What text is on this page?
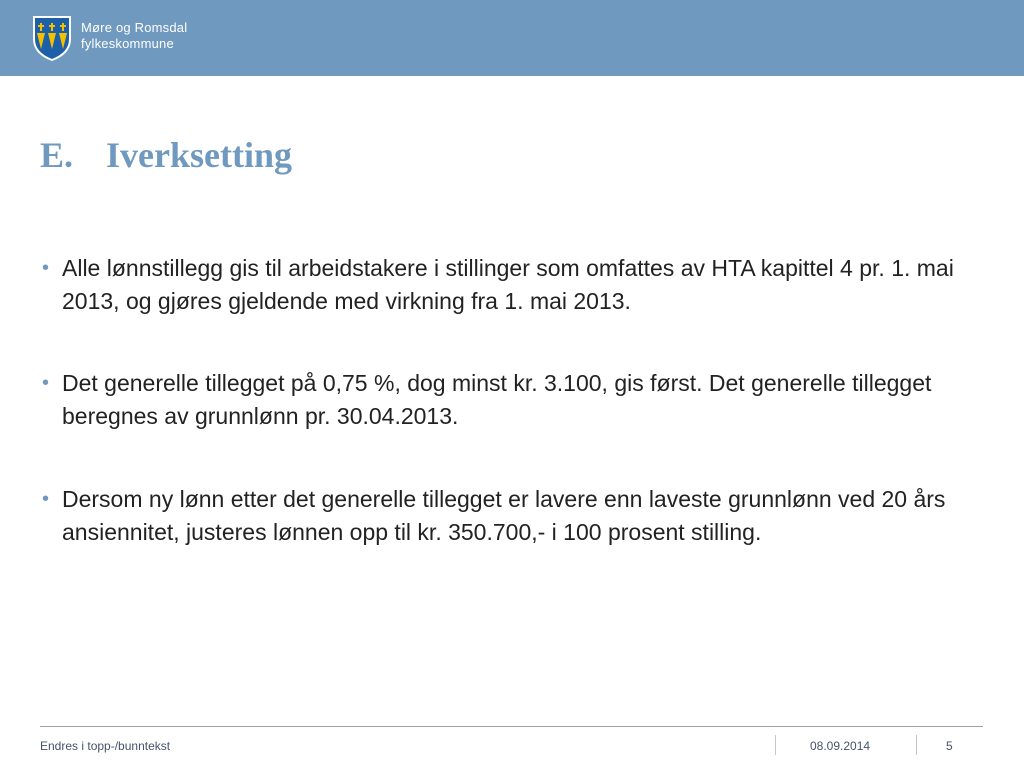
Møre og Romsdal
fylkeskommune
E. Iverksetting
• Alle lønnstillegg gis til arbeidstakere i stillinger som omfattes av HTA kapittel 4 pr. 1. mai 2013, og gjøres gjeldende med virkning fra 1. mai 2013.
• Det generelle tillegget på 0,75 %, dog minst kr. 3.100, gis først. Det generelle tillegget beregnes av grunnlønn pr. 30.04.2013.
• Dersom ny lønn etter det generelle tillegget er lavere enn laveste grunnlønn ved 20 års ansiennitet, justeres lønnen opp til kr. 350.700,- i 100 prosent stilling.
Endres i topp-/bunntekst	08.09.2014	5
